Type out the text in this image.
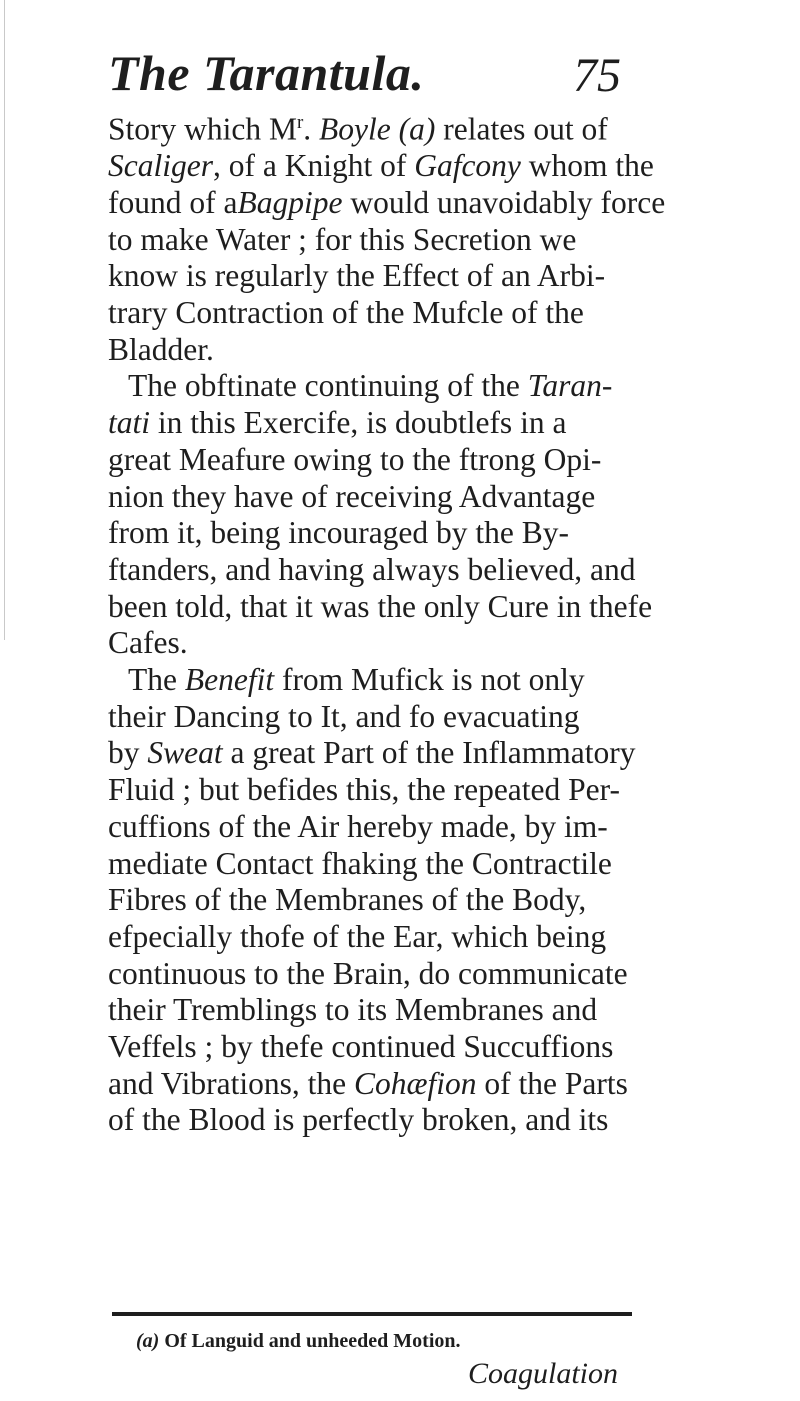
The Tarantula.	75
Story which $M^r$. Boyle (a) relates out of
Scaliger, of a Knight of Gafcony whom the
found of aBagpipe would unavoidably force
to make Water ; for this Secretion we
know is regularly the Effect of an Arbi-
trary Contraction of the Mufcle of the
Bladder.
The obftinate continuing of the Taran-
tati in this Exercife, is doubtlefs in a
great Meafure owing to the ftrong Opi-
nion they have of receiving Advantage
from it, being incouraged by the By-
ftanders, and having always believed, and
been told, that it was the only Cure in thefe
Cafes.
The Benefit from Mufick is not only
their Dancing to It, and fo evacuating
by Sweat a great Part of the Inflammatory
Fluid ; but befides this, the repeated Per-
cuffions of the Air hereby made, by im-
mediate Contact fhaking the Contractile
Fibres of the Membranes of the Body,
efpecially thofe of the Ear, which being
continuous to the Brain, do communicate
their Tremblings to its Membranes and
Veffels ; by thefe continued Succuffions
and Vibrations, the Cohæfion of the Parts
of the Blood is perfectly broken, and its
(a) Of Languid and unheeded Motion.
Coagulation
